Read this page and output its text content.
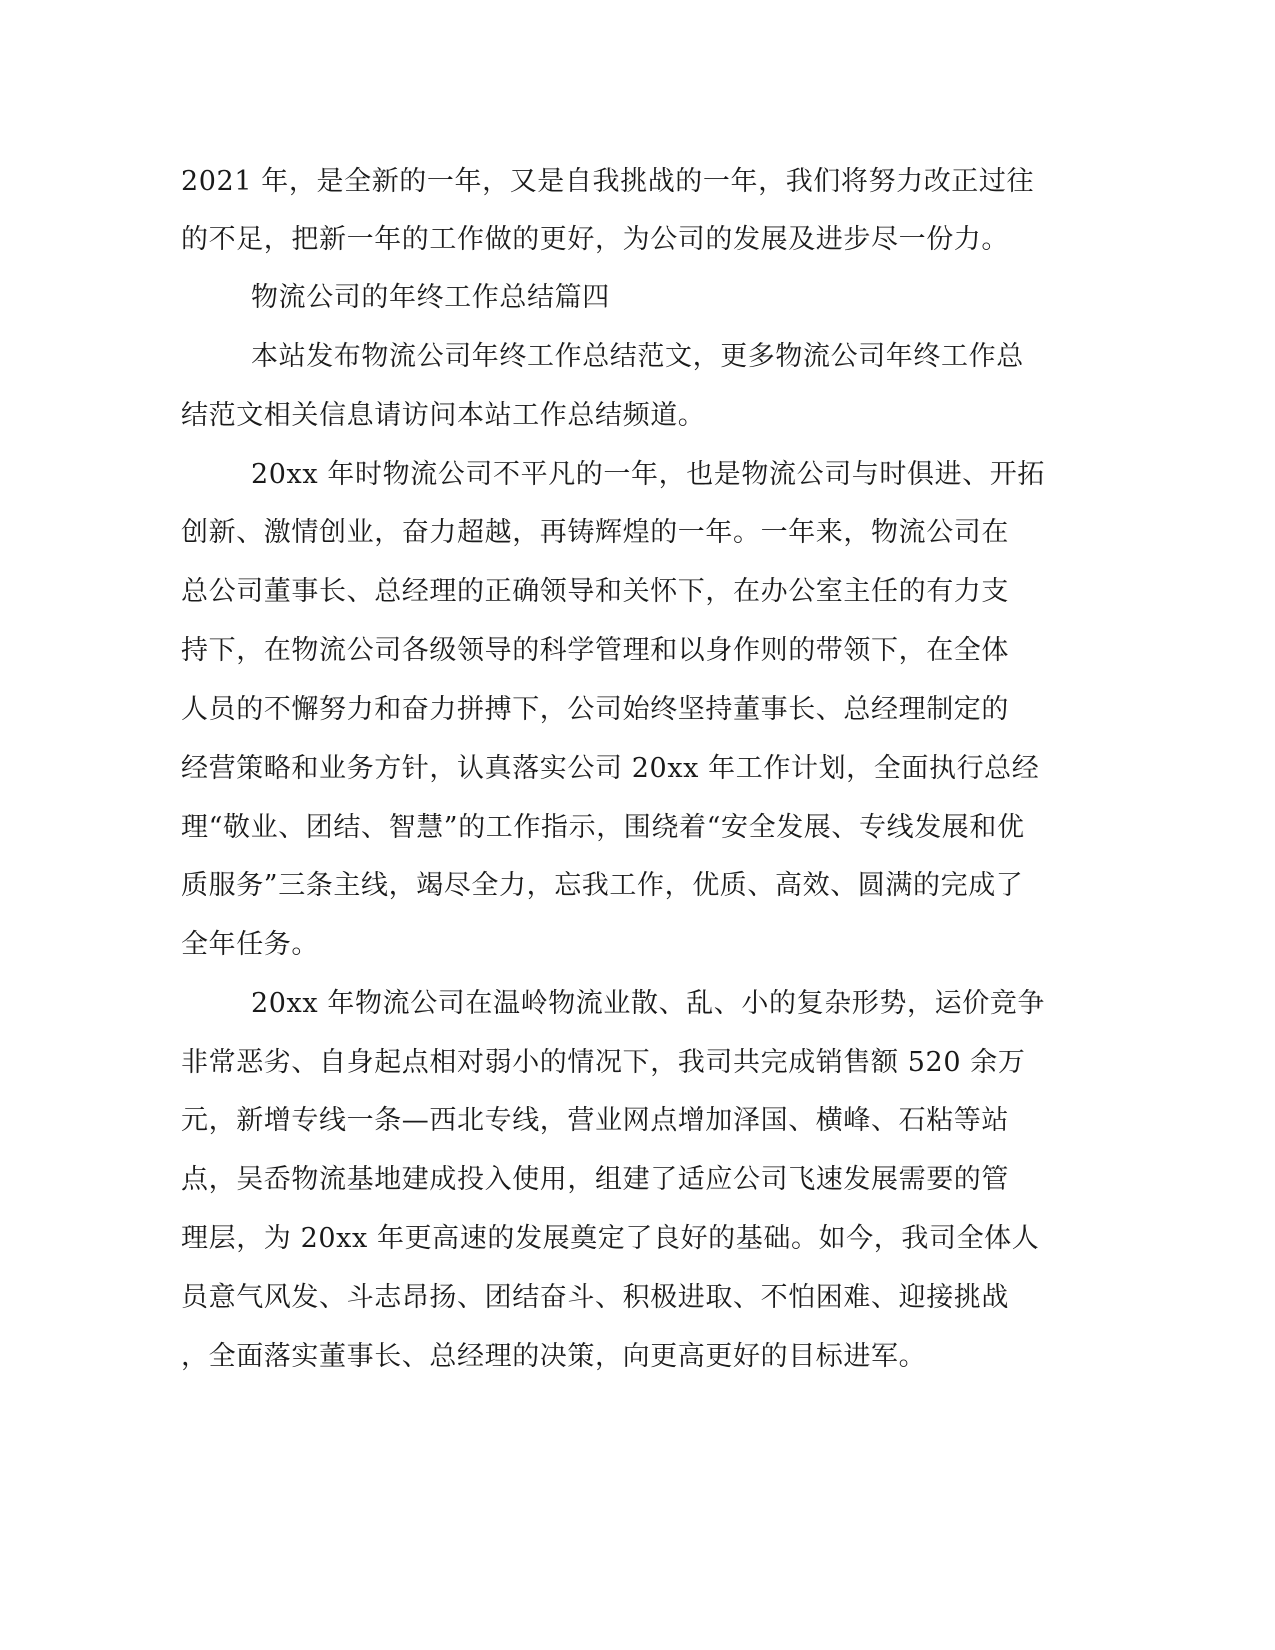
2021 年，是全新的一年，又是自我挑战的一年，我们将努力改正过往
的不足，把新一年的工作做的更好，为公司的发展及进步尽一份力。
物流公司的年终工作总结篇四
本站发布物流公司年终工作总结范文，更多物流公司年终工作总
结范文相关信息请访问本站工作总结频道。
20xx 年时物流公司不平凡的一年，也是物流公司与时俱进、开拓
创新、激情创业，奋力超越，再铸辉煌的一年。一年来，物流公司在
总公司董事长、总经理的正确领导和关怀下，在办公室主任的有力支
持下，在物流公司各级领导的科学管理和以身作则的带领下，在全体
人员的不懈努力和奋力拼搏下，公司始终坚持董事长、总经理制定的
经营策略和业务方针，认真落实公司 20xx 年工作计划，全面执行总经
理“敬业、团结、智慧”的工作指示，围绕着“安全发展、专线发展和优
质服务”三条主线，竭尽全力，忘我工作，优质、高效、圆满的完成了
全年任务。
20xx 年物流公司在温岭物流业散、乱、小的复杂形势，运价竞争
非常恶劣、自身起点相对弱小的情况下，我司共完成销售额 520 余万
元，新增专线一条—西北专线，营业网点增加泽国、横峰、石粘等站
点，吴岙物流基地建成投入使用，组建了适应公司飞速发展需要的管
理层，为 20xx 年更高速的发展奠定了良好的基础。如今，我司全体人
员意气风发、斗志昂扬、团结奋斗、积极进取、不怕困难、迎接挑战
，全面落实董事长、总经理的决策，向更高更好的目标进军。
